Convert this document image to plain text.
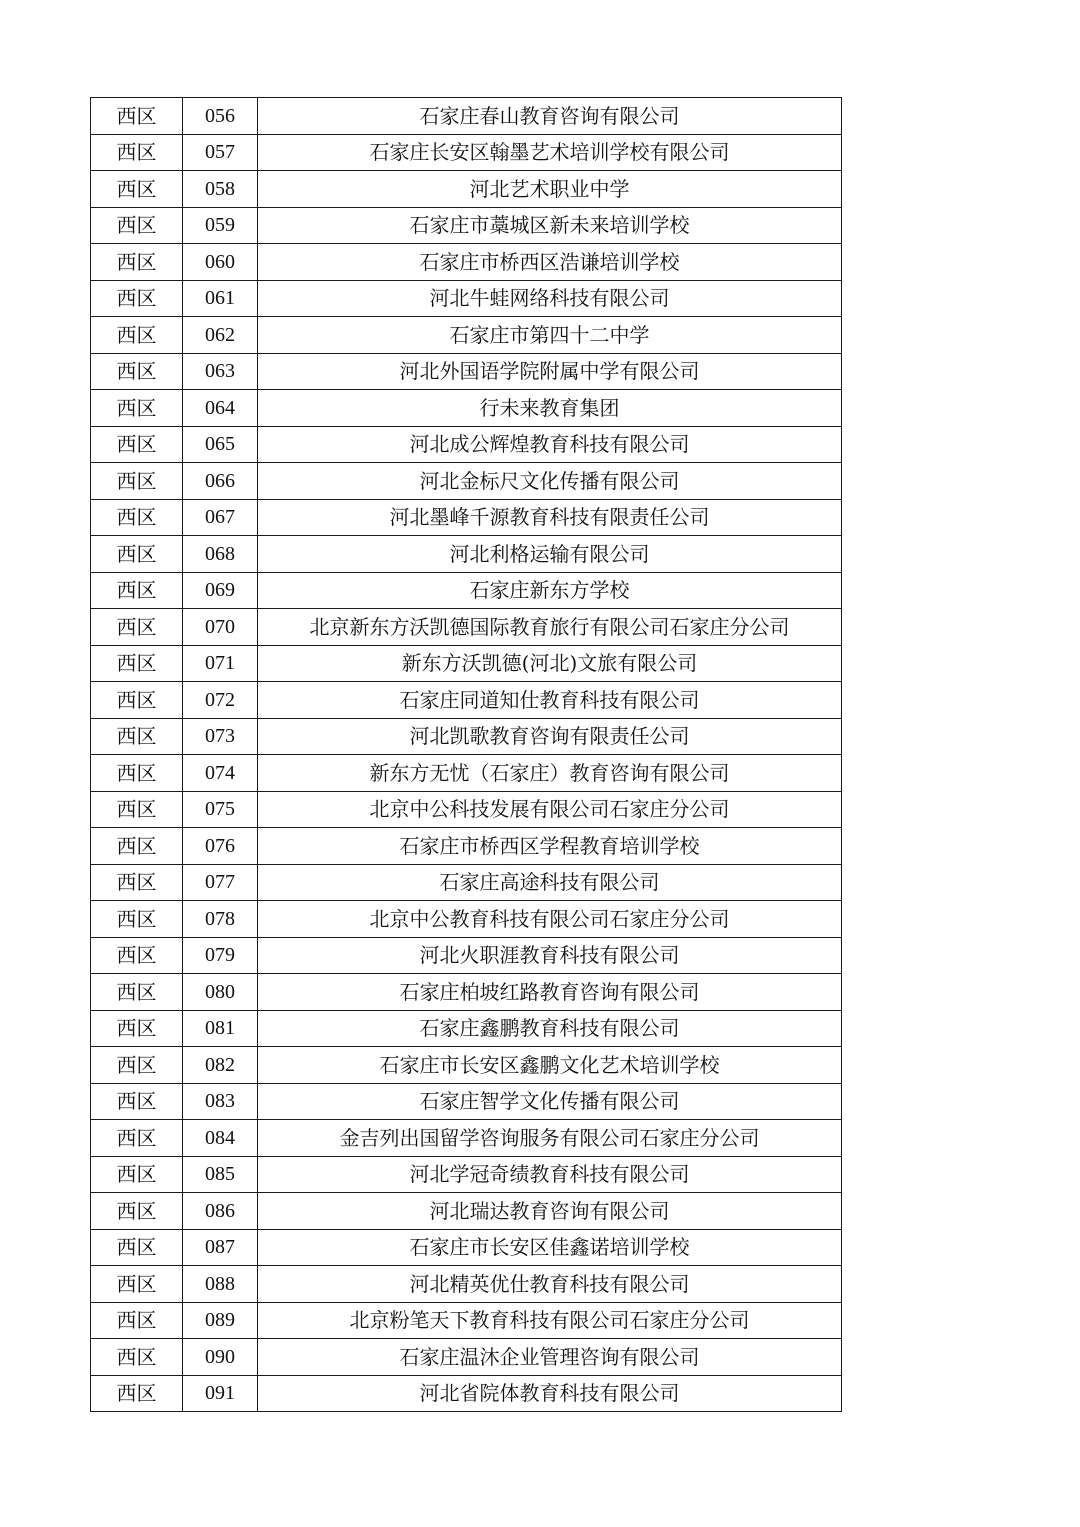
西区	056	石家庄春山教育咨询有限公司
西区	057	石家庄长安区翰墨艺术培训学校有限公司
西区	058	河北艺术职业中学
西区	059	石家庄市藁城区新未来培训学校
西区	060	石家庄市桥西区浩谦培训学校
西区	061	河北牛蛙网络科技有限公司
西区	062	石家庄市第四十二中学
西区	063	河北外国语学院附属中学有限公司
西区	064	行未来教育集团
西区	065	河北成公辉煌教育科技有限公司
西区	066	河北金标尺文化传播有限公司
西区	067	河北墨峰千源教育科技有限责任公司
西区	068	河北利格运输有限公司
西区	069	石家庄新东方学校
西区	070	北京新东方沃凯德国际教育旅行有限公司石家庄分公司
西区	071	新东方沃凯德(河北)文旅有限公司
西区	072	石家庄同道知仕教育科技有限公司
西区	073	河北凯歌教育咨询有限责任公司
西区	074	新东方无忧（石家庄）教育咨询有限公司
西区	075	北京中公科技发展有限公司石家庄分公司
西区	076	石家庄市桥西区学程教育培训学校
西区	077	石家庄高途科技有限公司
西区	078	北京中公教育科技有限公司石家庄分公司
西区	079	河北火职涯教育科技有限公司
西区	080	石家庄柏坡红路教育咨询有限公司
西区	081	石家庄鑫鹏教育科技有限公司
西区	082	石家庄市长安区鑫鹏文化艺术培训学校
西区	083	石家庄智学文化传播有限公司
西区	084	金吉列出国留学咨询服务有限公司石家庄分公司
西区	085	河北学冠奇绩教育科技有限公司
西区	086	河北瑞达教育咨询有限公司
西区	087	石家庄市长安区佳鑫诺培训学校
西区	088	河北精英优仕教育科技有限公司
西区	089	北京粉笔天下教育科技有限公司石家庄分公司
西区	090	石家庄温沐企业管理咨询有限公司
西区	091	河北省院体教育科技有限公司
